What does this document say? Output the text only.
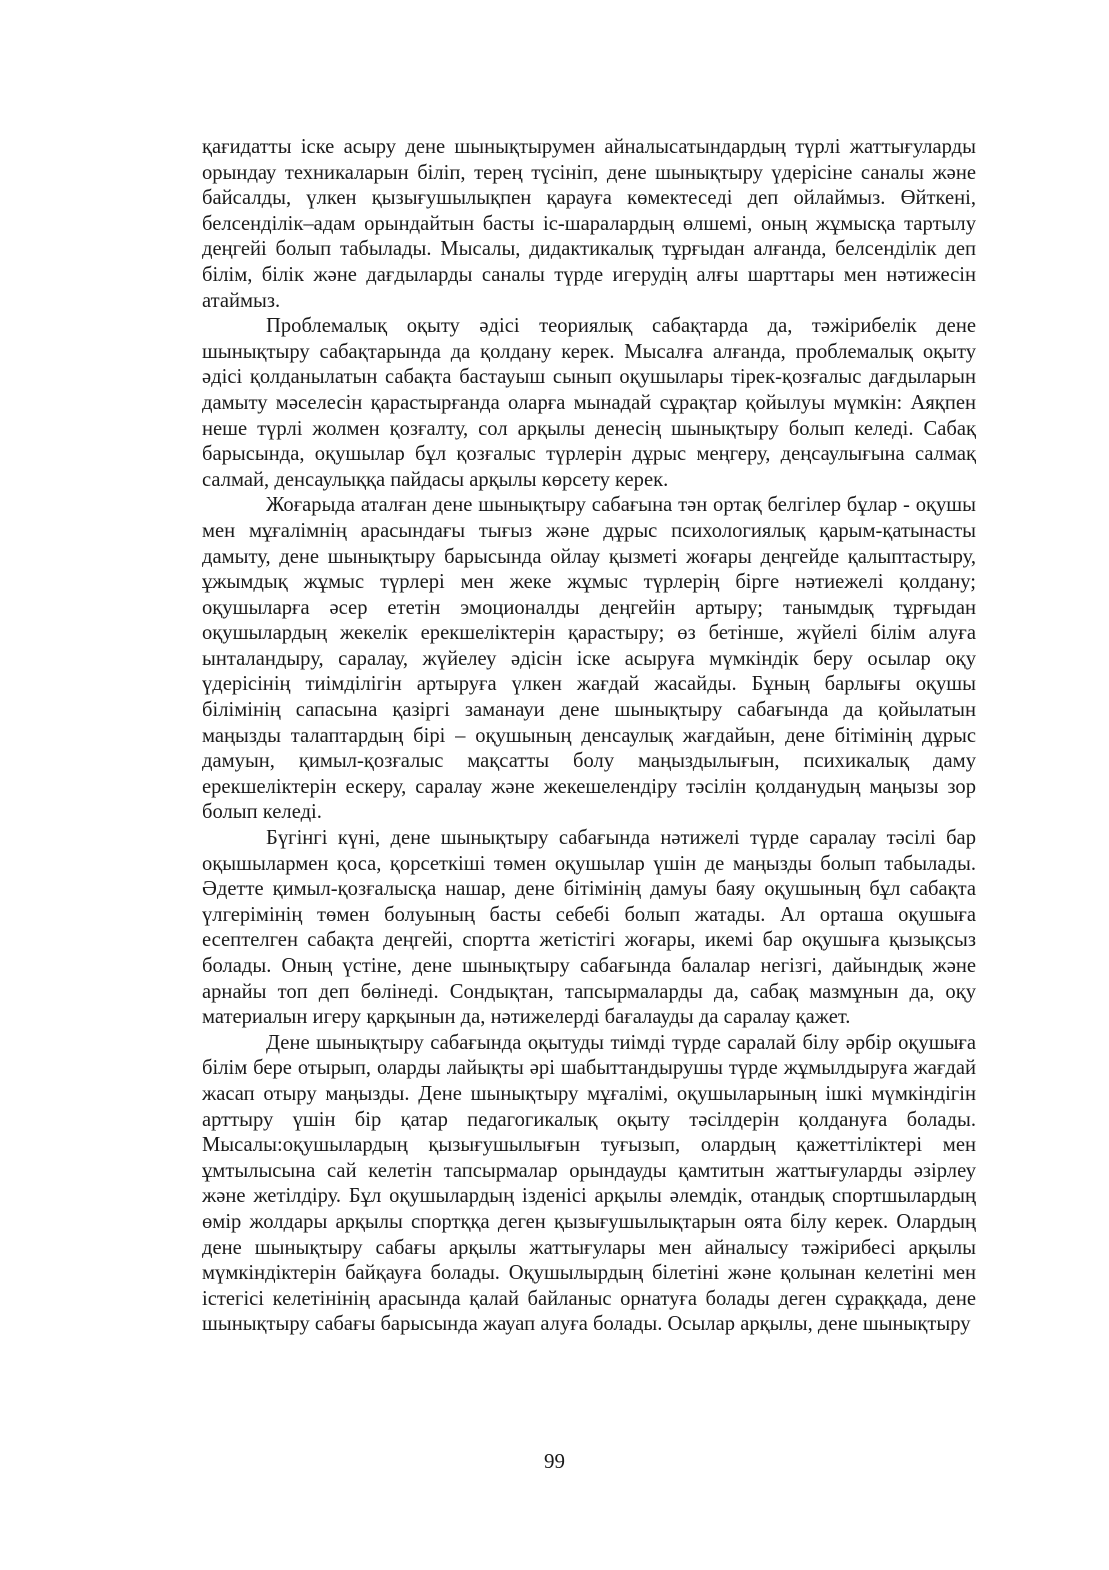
қағидатты іске асыру дене шынықтырумен айналысатындардың түрлі жаттығуларды орындау техникаларын біліп, терең түсініп, дене шынықтыру үдерісіне саналы және байсалды, үлкен қызығушылықпен қарауға көмектеседі деп ойлаймыз. Өйткені, белсенділік–адам орындайтын басты іс-шаралардың өлшемі, оның жұмысқа тартылу деңгейі болып табылады. Мысалы, дидактикалық тұрғыдан алғанда, белсенділік деп білім, білік және дағдыларды саналы түрде игерудің алғы шарттары мен нәтижесін атаймыз.

Проблемалық оқыту әдісі теориялық сабақтарда да, тәжірибелік дене шынықтыру сабақтарында да қолдану керек. Мысалға алғанда, проблемалық оқыту әдісі қолданылатын сабақта бастауыш сынып оқушылары тірек-қозғалыс дағдыларын дамыту мәселесін қарастырғанда оларға мынадай сұрақтар қойылуы мүмкін: Аяқпен неше түрлі жолмен қозғалту, сол арқылы денесің шынықтыру болып келеді. Сабақ барысында, оқушылар бұл қозғалыс түрлерін дұрыс меңгеру, деңсаулығына салмақ салмай, денсаулыққа пайдасы арқылы көрсету керек.

Жоғарыда аталған дене шынықтыру сабағына тән ортақ белгілер бұлар - оқушы мен мұғалімнің арасындағы тығыз және дұрыс психологиялық қарым-қатынасты дамыту, дене шынықтыру барысында ойлау қызметі жоғары деңгейде қалыптастыру, ұжымдық жұмыс түрлері мен жеке жұмыс түрлерің бірге нәтиежелі қолдану; оқушыларға әсер ететін эмоционалды деңгейін артыру; танымдық тұрғыдан оқушылардың жекелік ерекшеліктерін қарастыру; өз бетінше, жүйелі білім алуға ынталандыру, саралау, жүйелеу әдісін іске асыруға мүмкіндік беру осылар оқу үдерісінің тиімділігін артыруға үлкен жағдай жасайды. Бұның барлығы оқушы білімінің сапасына қазіргі заманауи дене шынықтыру сабағында да қойылатын маңызды талаптардың бірі – оқушының денсаулық жағдайын, дене бітімінің дұрыс дамуын, қимыл-қозғалыс мақсатты болу маңыздылығын, психикалық даму ерекшеліктерін ескеру, саралау және жекешелендіру тәсілін қолданудың маңызы зор болып келеді.

Бүгінгі күні, дене шынықтыру сабағында нәтижелі түрде саралау тәсілі бар оқышылармен қоса, қорсеткіші төмен оқушылар үшін де маңызды болып табылады. Әдетте қимыл-қозғалысқа нашар, дене бітімінің дамуы баяу оқушының бұл сабақта үлгерімінің төмен болуының басты себебі болып жатады. Ал орташа оқушыға есептелген сабақта деңгейі, спортта жетістігі жоғары, икемі бар оқушыға қызықсыз болады. Оның үстіне, дене шынықтыру сабағында балалар негізгі, дайындық және арнайы топ деп бөлінеді. Сондықтан, тапсырмаларды да, сабақ мазмұнын да, оқу материалын игеру қарқынын да, нәтижелерді бағалауды да саралау қажет.

Дене шынықтыру сабағында оқытуды тиімді түрде саралай білу әрбір оқушыға білім бере отырып, оларды лайықты әрі шабыттандырушы түрде жұмылдыруға жағдай жасап отыру маңызды. Дене шынықтыру мұғалімі, оқушыларының ішкі мүмкіндігін арттыру үшін бір қатар педагогикалық оқыту тәсілдерін қолдануға болады. Мысалы:оқушылардың қызығушылығын туғызып, олардың қажеттіліктері мен ұмтылысына сай келетін тапсырмалар орындауды қамтитын жаттығуларды әзірлеу және жетілдіру. Бұл оқушылардың ізденісі арқылы әлемдік, отандық спортшылардың өмір жолдары арқылы спортққа деген қызығушылықтарын оята білу керек. Олардың дене шынықтыру сабағы арқылы жаттығулары мен айналысу тәжірибесі арқылы мүмкіндіктерін байқауға болады. Оқушылырдың білетіні және қолынан келетіні мен істегісі келетінінің арасында қалай байланыс орнатуға болады деген сұраққада, дене шынықтыру сабағы барысында жауап алуға болады. Осылар арқылы, дене шынықтыру

99
